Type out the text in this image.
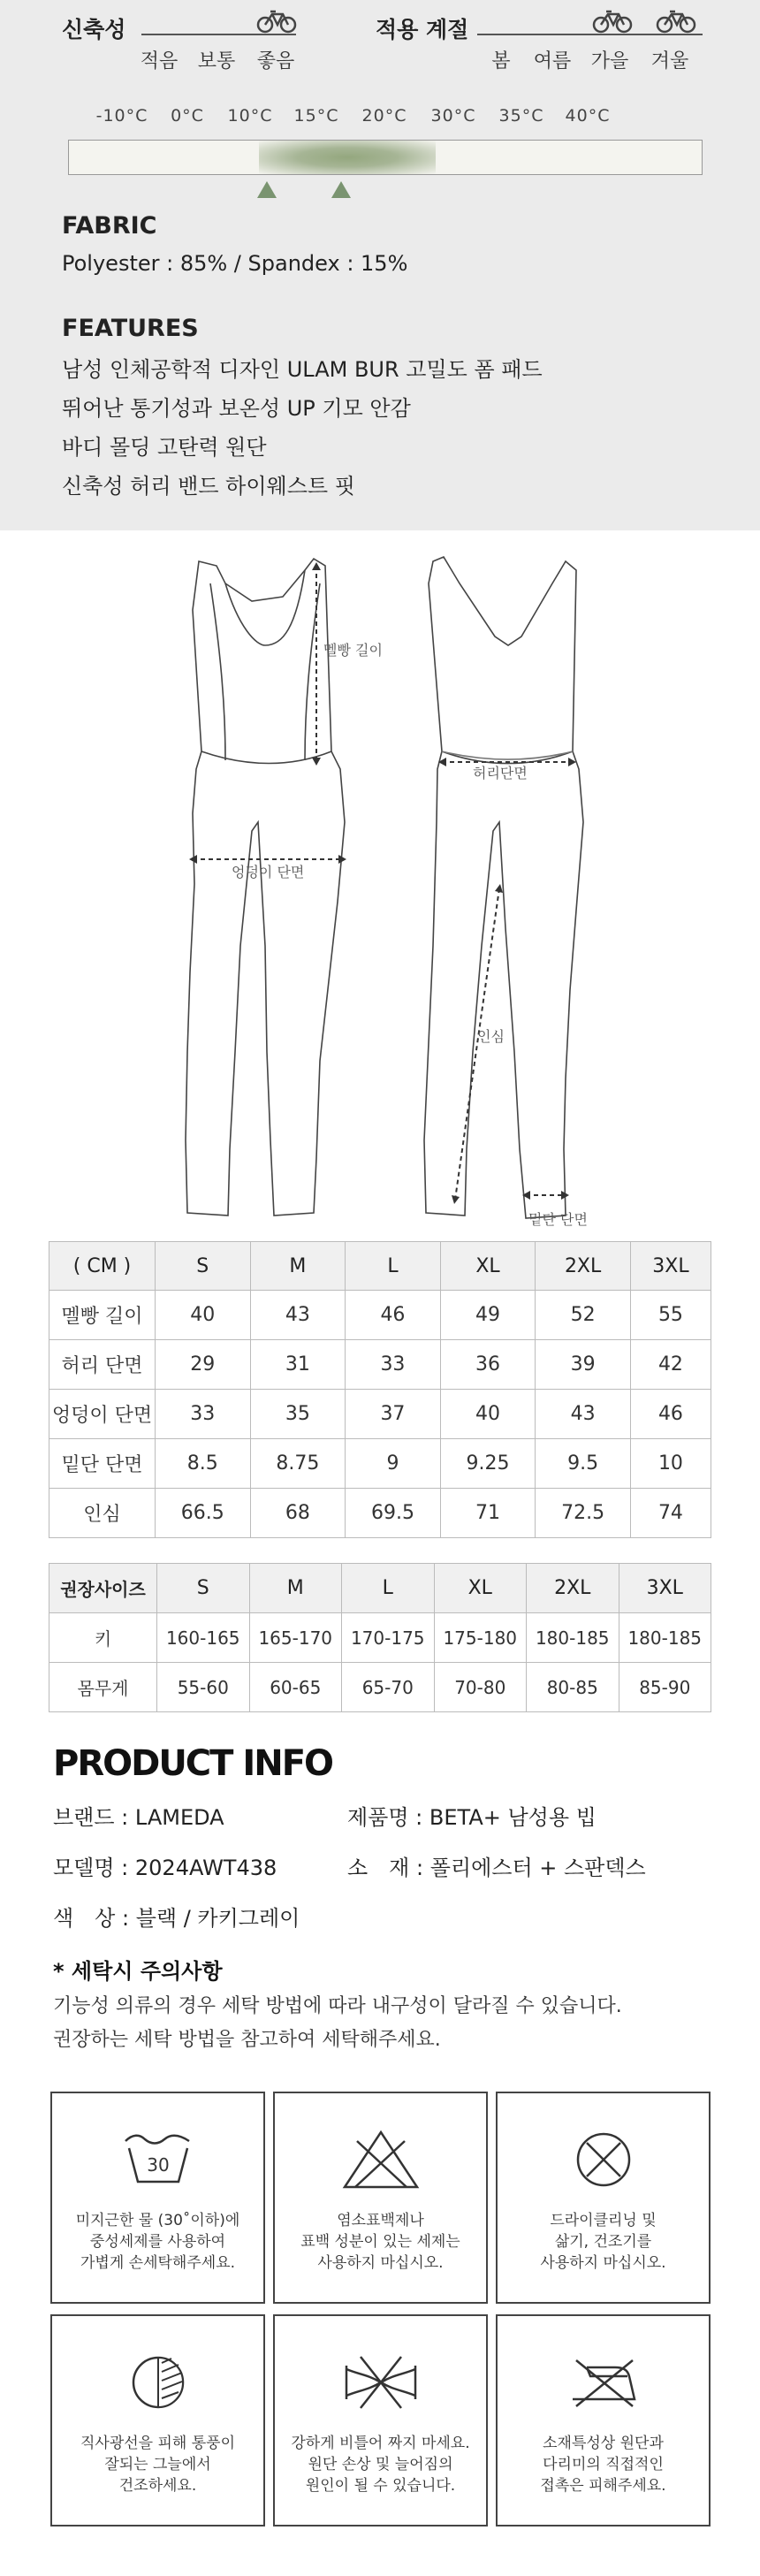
신축성
적음	보통	좋음
적용 계절
봄	여름	가을	겨울
-10°C	0°C	10°C	15°C	20°C	30°C	35°C	40°C
FABRIC
Polyester : 85% / Spandex : 15%
FEATURES
남성 인체공학적 디자인 ULAM BUR 고밀도 폼 패드
뛰어난 통기성과 보온성 UP 기모 안감
바디 몰딩 고탄력 원단
신축성 허리 밴드 하이웨스트 핏
멜빵 길이
허리단면
엉덩이 단면
인심
밑단 단면
( CM )	S	M	L	XL	2XL	3XL
멜빵 길이	40	43	46	49	52	55
허리 단면	29	31	33	36	39	42
엉덩이 단면	33	35	37	40	43	46
밑단 단면	8.5	8.75	9	9.25	9.5	10
인심	66.5	68	69.5	71	72.5	74
권장사이즈	S	M	L	XL	2XL	3XL
키	160-165	165-170	170-175	175-180	180-185	180-185
몸무게	55-60	60-65	65-70	70-80	80-85	85-90
PRODUCT INFO
브랜드 : LAMEDA	제품명 : BETA+ 남성용 빕
모델명 : 2024AWT438	소　재 : 폴리에스터 + 스판덱스
색　상 : 블랙 / 카키그레이
* 세탁시 주의사항
기능성 의류의 경우 세탁 방법에 따라 내구성이 달라질 수 있습니다.
권장하는 세탁 방법을 참고하여 세탁해주세요.
30
미지근한 물 (30˚이하)에
중성세제를 사용하여
가볍게 손세탁해주세요.
염소표백제나
표백 성분이 있는 세제는
사용하지 마십시오.
드라이클리닝 및
삶기, 건조기를
사용하지 마십시오.
직사광선을 피해 통풍이
잘되는 그늘에서
건조하세요.
강하게 비틀어 짜지 마세요.
원단 손상 및 늘어짐의
원인이 될 수 있습니다.
소재특성상 원단과
다리미의 직접적인
접촉은 피해주세요.
